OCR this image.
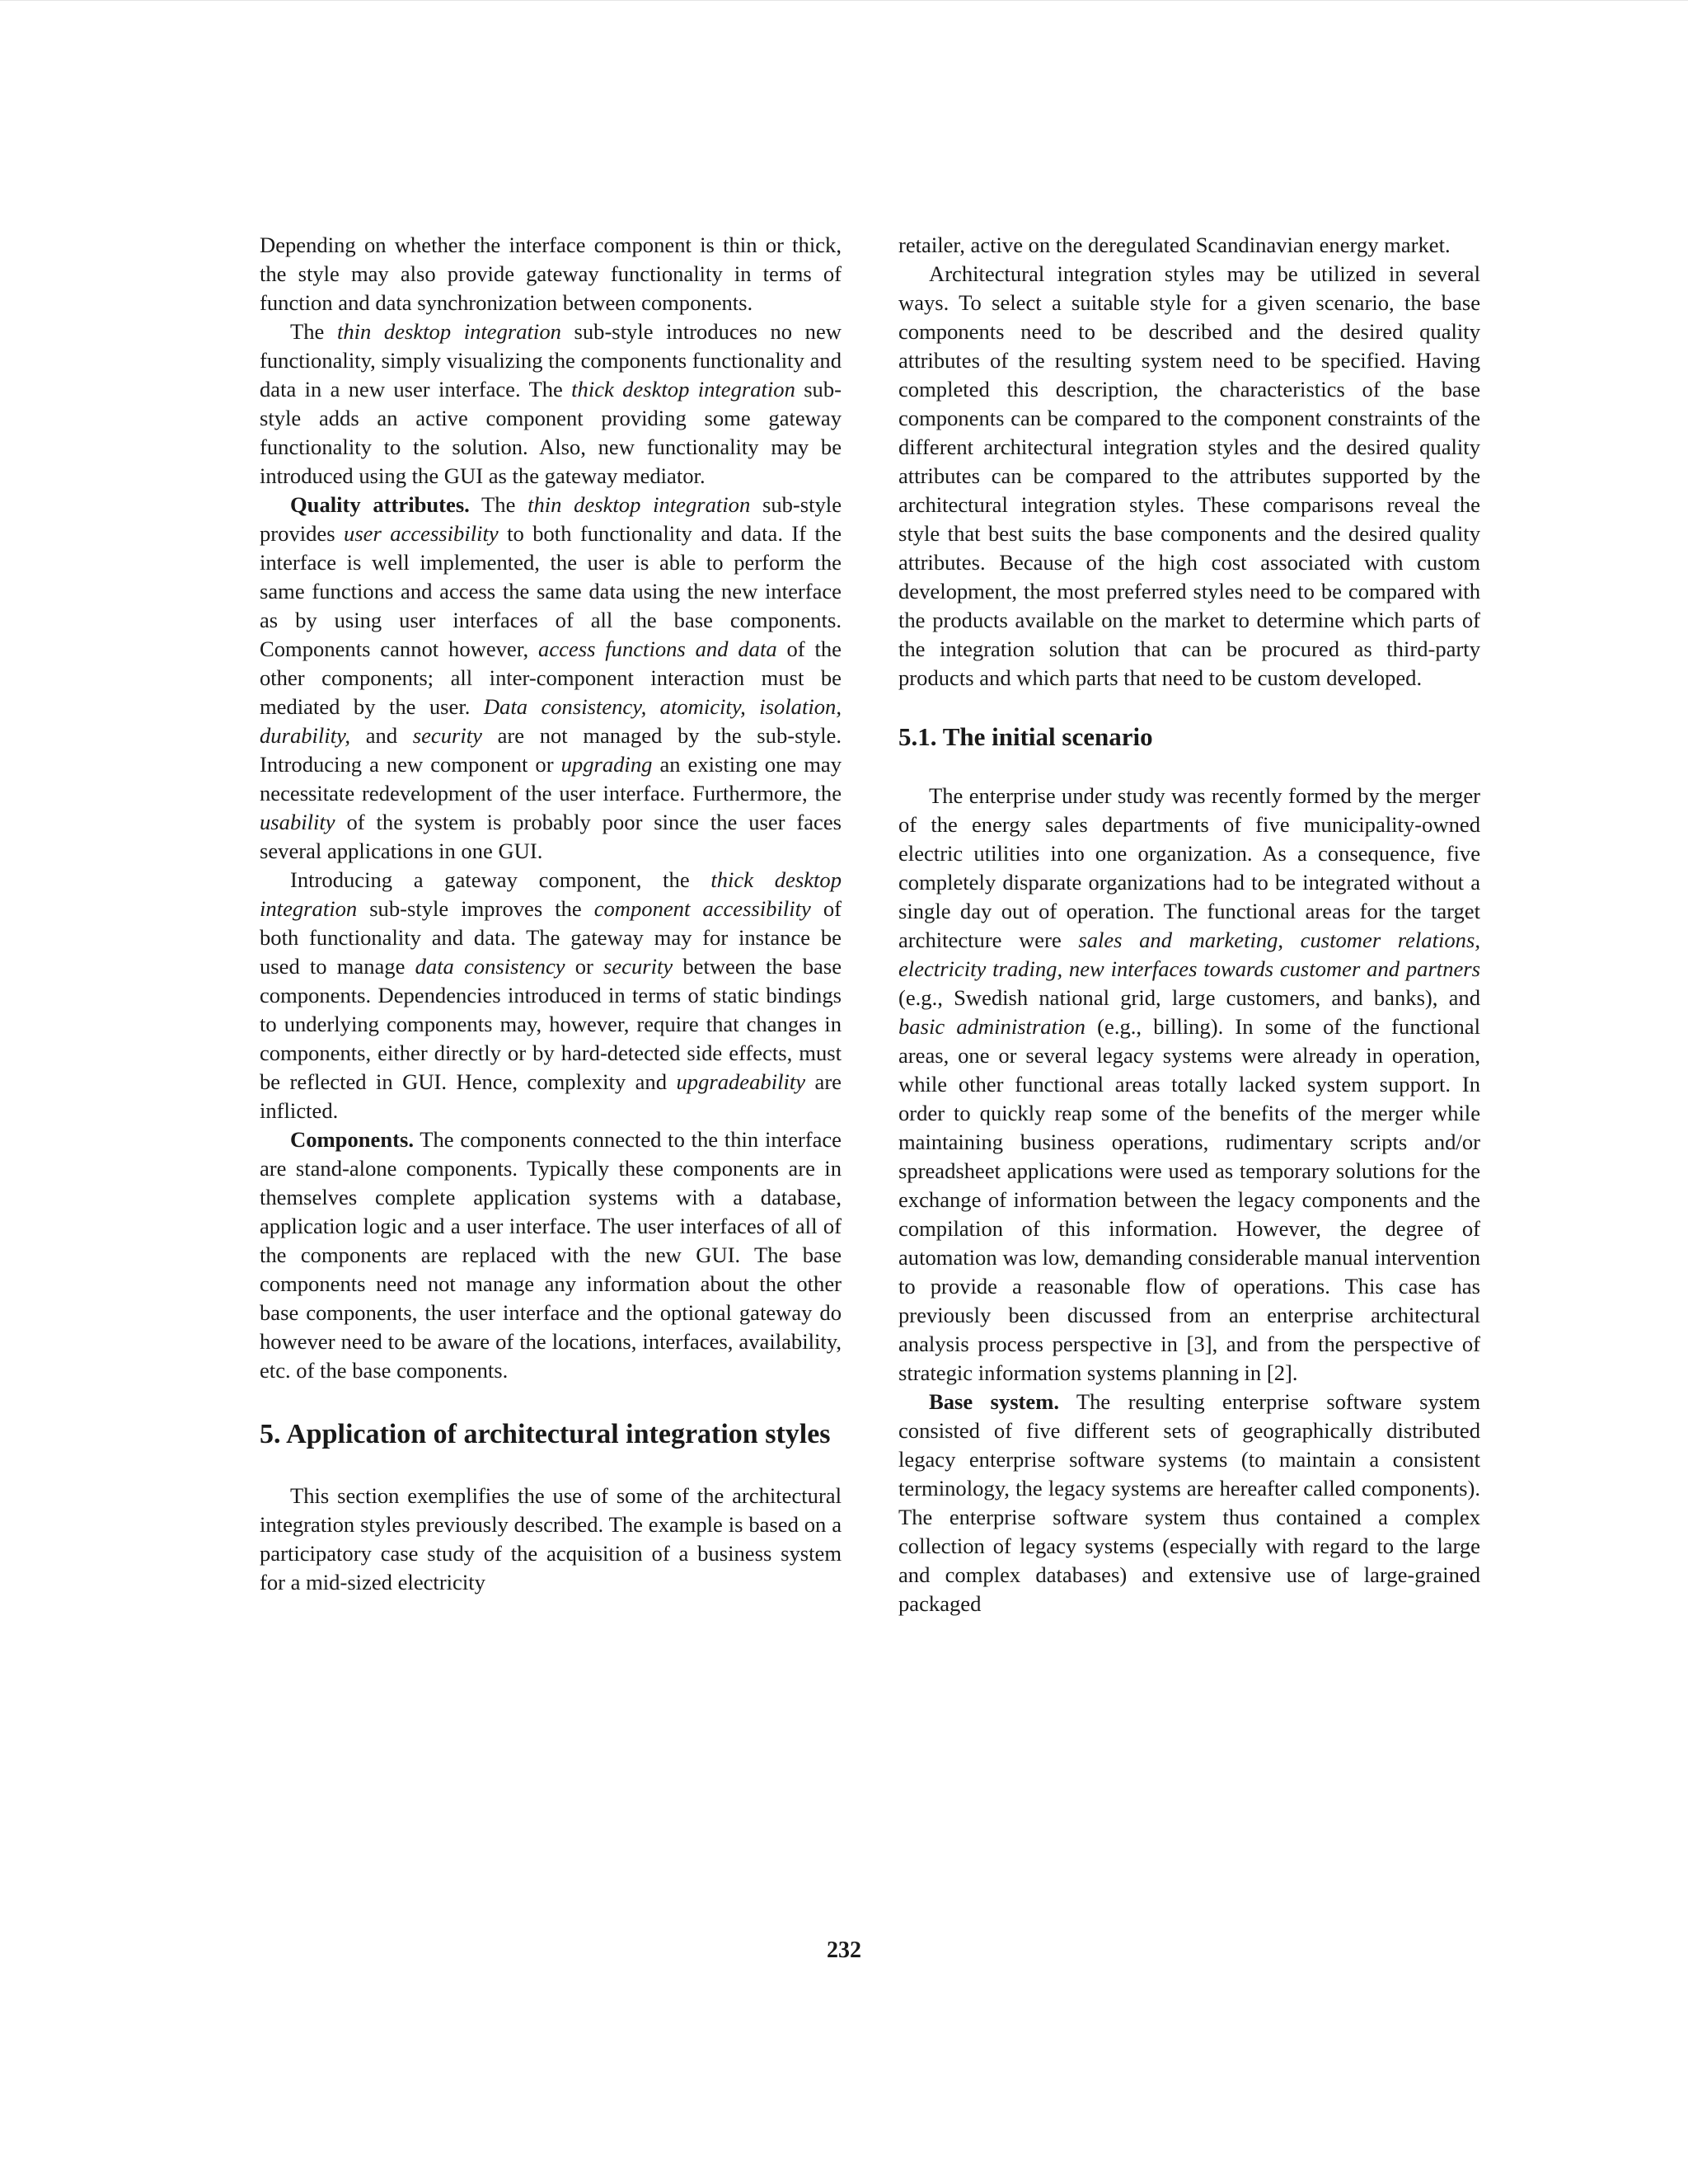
Depending on whether the interface component is thin or thick, the style may also provide gateway functionality in terms of function and data synchronization between components.

The thin desktop integration sub-style introduces no new functionality, simply visualizing the components functionality and data in a new user interface. The thick desktop integration sub-style adds an active component providing some gateway functionality to the solution. Also, new functionality may be introduced using the GUI as the gateway mediator.

Quality attributes. The thin desktop integration sub-style provides user accessibility to both functionality and data. If the interface is well implemented, the user is able to perform the same functions and access the same data using the new interface as by using user interfaces of all the base components. Components cannot however, access functions and data of the other components; all inter-component interaction must be mediated by the user. Data consistency, atomicity, isolation, durability, and security are not managed by the sub-style. Introducing a new component or upgrading an existing one may necessitate redevelopment of the user interface. Furthermore, the usability of the system is probably poor since the user faces several applications in one GUI.

Introducing a gateway component, the thick desktop integration sub-style improves the component accessibility of both functionality and data. The gateway may for instance be used to manage data consistency or security between the base components. Dependencies introduced in terms of static bindings to underlying components may, however, require that changes in components, either directly or by hard-detected side effects, must be reflected in GUI. Hence, complexity and upgradeability are inflicted.

Components. The components connected to the thin interface are stand-alone components. Typically these components are in themselves complete application systems with a database, application logic and a user interface. The user interfaces of all of the components are replaced with the new GUI. The base components need not manage any information about the other base components, the user interface and the optional gateway do however need to be aware of the locations, interfaces, availability, etc. of the base components.

5. Application of architectural integration styles

This section exemplifies the use of some of the architectural integration styles previously described. The example is based on a participatory case study of the acquisition of a business system for a mid-sized electricity

retailer, active on the deregulated Scandinavian energy market.

Architectural integration styles may be utilized in several ways. To select a suitable style for a given scenario, the base components need to be described and the desired quality attributes of the resulting system need to be specified. Having completed this description, the characteristics of the base components can be compared to the component constraints of the different architectural integration styles and the desired quality attributes can be compared to the attributes supported by the architectural integration styles. These comparisons reveal the style that best suits the base components and the desired quality attributes. Because of the high cost associated with custom development, the most preferred styles need to be compared with the products available on the market to determine which parts of the integration solution that can be procured as third-party products and which parts that need to be custom developed.

5.1. The initial scenario

The enterprise under study was recently formed by the merger of the energy sales departments of five municipality-owned electric utilities into one organization. As a consequence, five completely disparate organizations had to be integrated without a single day out of operation. The functional areas for the target architecture were sales and marketing, customer relations, electricity trading, new interfaces towards customer and partners (e.g., Swedish national grid, large customers, and banks), and basic administration (e.g., billing). In some of the functional areas, one or several legacy systems were already in operation, while other functional areas totally lacked system support. In order to quickly reap some of the benefits of the merger while maintaining business operations, rudimentary scripts and/or spreadsheet applications were used as temporary solutions for the exchange of information between the legacy components and the compilation of this information. However, the degree of automation was low, demanding considerable manual intervention to provide a reasonable flow of operations. This case has previously been discussed from an enterprise architectural analysis process perspective in [3], and from the perspective of strategic information systems planning in [2].

Base system. The resulting enterprise software system consisted of five different sets of geographically distributed legacy enterprise software systems (to maintain a consistent terminology, the legacy systems are hereafter called components). The enterprise software system thus contained a complex collection of legacy systems (especially with regard to the large and complex databases) and extensive use of large-grained packaged

232
